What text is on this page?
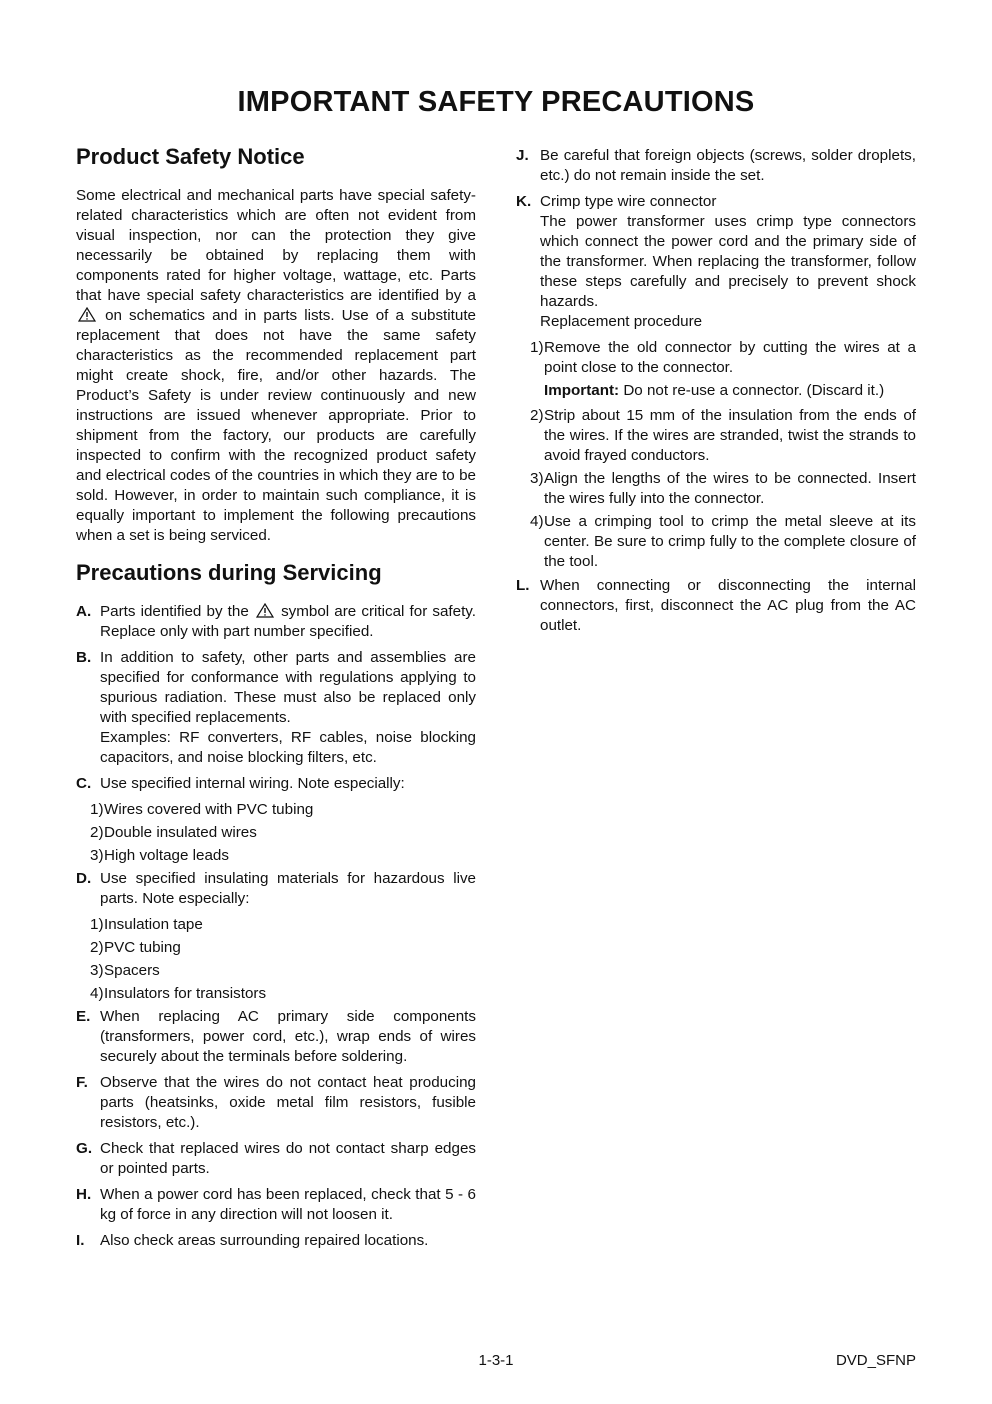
IMPORTANT SAFETY PRECAUTIONS
Product Safety Notice

Some electrical and mechanical parts have special safety-related characteristics which are often not evident from visual inspection, nor can the protection they give necessarily be obtained by replacing them with components rated for higher voltage, wattage, etc. Parts that have special safety characteristics are identified by a  on schematics and in parts lists. Use of a substitute replacement that does not have the same safety characteristics as the recommended replacement part might create shock, fire, and/or other hazards. The Product’s Safety is under review continuously and new instructions are issued whenever appropriate. Prior to shipment from the factory, our products are carefully inspected to confirm with the recognized product safety and electrical codes of the countries in which they are to be sold. However, in order to maintain such compliance, it is equally important to implement the following precautions when a set is being serviced.

Precautions during Servicing
A. Parts identified by the symbol are critical for safety. Replace only with part number specified.
B. In addition to safety, other parts and assemblies are specified for conformance with regulations applying to spurious radiation. These must also be replaced only with specified replacements.
Examples: RF converters, RF cables, noise blocking capacitors, and noise blocking filters, etc.
C. Use specified internal wiring. Note especially:
1) Wires covered with PVC tubing
2) Double insulated wires
3) High voltage leads
D. Use specified insulating materials for hazardous live parts. Note especially:
1) Insulation tape
2) PVC tubing
3) Spacers
4) Insulators for transistors
E. When replacing AC primary side components (transformers, power cord, etc.), wrap ends of wires securely about the terminals before soldering.
F. Observe that the wires do not contact heat producing parts (heatsinks, oxide metal film resistors, fusible resistors, etc.).
G. Check that replaced wires do not contact sharp edges or pointed parts.
H. When a power cord has been replaced, check that 5 - 6 kg of force in any direction will not loosen it.
I.	Also check areas surrounding repaired locations.
J. Be careful that foreign objects (screws, solder droplets, etc.) do not remain inside the set.
K. Crimp type wire connector
The power transformer uses crimp type connectors which connect the power cord and the primary side of the transformer. When replacing the transformer, follow these steps carefully and precisely to prevent shock hazards.
Replacement procedure
1) Remove the old connector by cutting the wires at a point close to the connector.
Important: Do not re-use a connector. (Discard it.)
2) Strip about 15 mm of the insulation from the ends of the wires. If the wires are stranded, twist the strands to avoid frayed conductors.
3) Align the lengths of the wires to be connected. Insert the wires fully into the connector.
4) Use a crimping tool to crimp the metal sleeve at its center. Be sure to crimp fully to the complete closure of the tool.
L. When connecting or disconnecting the internal connectors, first, disconnect the AC plug from the AC outlet.
1-3-1	DVD_SFNP
